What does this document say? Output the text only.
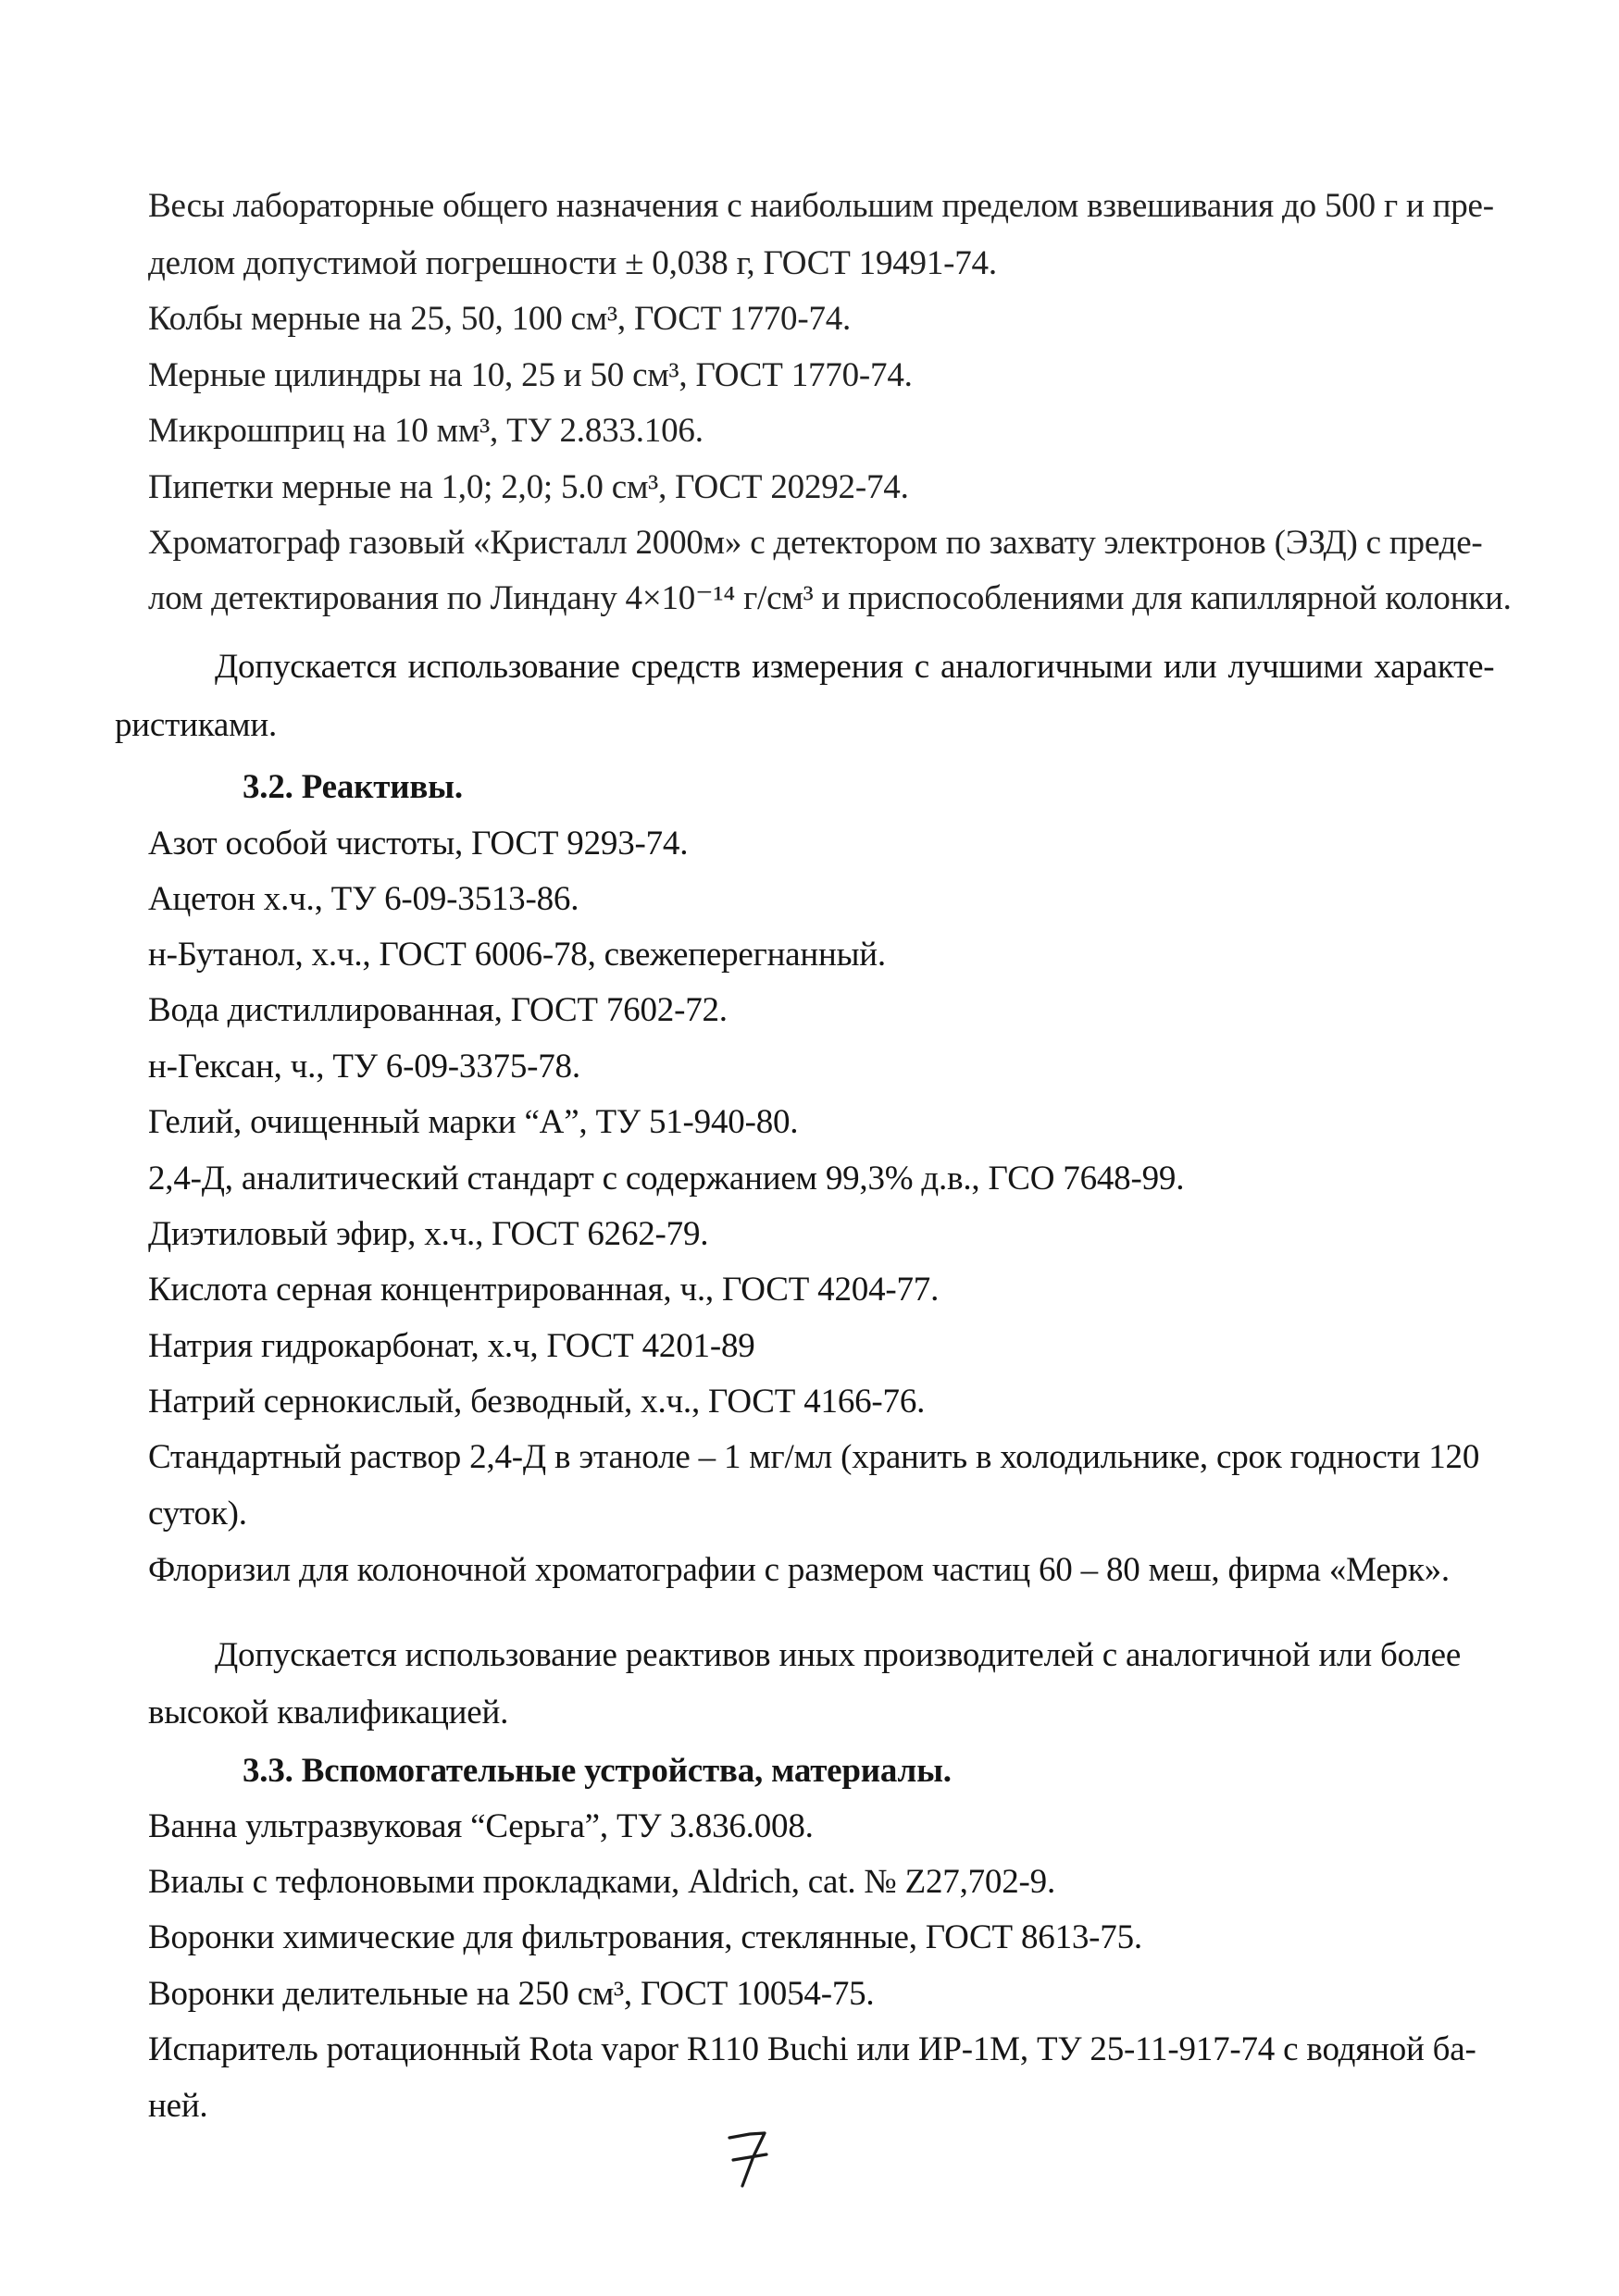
Весы лабораторные общего назначения с наибольшим пределом взвешивания до 500 г и пре-
делом допустимой погрешности ± 0,038 г, ГОСТ 19491-74.
Колбы мерные на 25, 50, 100 см³, ГОСТ 1770-74.
Мерные цилиндры на 10, 25 и 50 см³, ГОСТ 1770-74.
Микрошприц на 10 мм³, ТУ 2.833.106.
Пипетки мерные на 1,0; 2,0; 5.0 см³, ГОСТ 20292-74.
Хроматограф газовый «Кристалл 2000м» с детектором по захвату электронов (ЭЗД) с преде-
лом детектирования по Линдану 4×10⁻¹⁴ г/см³ и приспособлениями для капиллярной колонки.
Допускается использование средств измерения с аналогичными или лучшими характе-
ристиками.
3.2. Реактивы.
Азот особой чистоты, ГОСТ 9293-74.
Ацетон х.ч., ТУ 6-09-3513-86.
н-Бутанол, х.ч., ГОСТ 6006-78, свежеперегнанный.
Вода дистиллированная, ГОСТ 7602-72.
н-Гексан, ч., ТУ 6-09-3375-78.
Гелий, очищенный марки “А”, ТУ 51-940-80.
2,4-Д, аналитический стандарт с содержанием 99,3% д.в., ГСО 7648-99.
Диэтиловый эфир, х.ч., ГОСТ 6262-79.
Кислота серная концентрированная, ч., ГОСТ 4204-77.
Натрия гидрокарбонат, х.ч, ГОСТ 4201-89
Натрий сернокислый, безводный, х.ч., ГОСТ 4166-76.
Стандартный раствор 2,4-Д в этаноле – 1 мг/мл (хранить в холодильнике, срок годности 120
суток).
Флоризил для колоночной хроматографии с размером частиц 60 – 80 меш, фирма «Мерк».
Допускается использование реактивов иных производителей с аналогичной или более
высокой квалификацией.
3.3. Вспомогательные устройства, материалы.
Ванна ультразвуковая “Серьга”, ТУ 3.836.008.
Виалы с тефлоновыми прокладками, Aldrich, cat. № Z27,702-9.
Воронки химические для фильтрования, стеклянные, ГОСТ 8613-75.
Воронки делительные на 250 см³, ГОСТ 10054-75.
Испаритель ротационный Rota vapor R110 Buchi или ИР-1М, ТУ 25-11-917-74 с водяной ба-
ней.
